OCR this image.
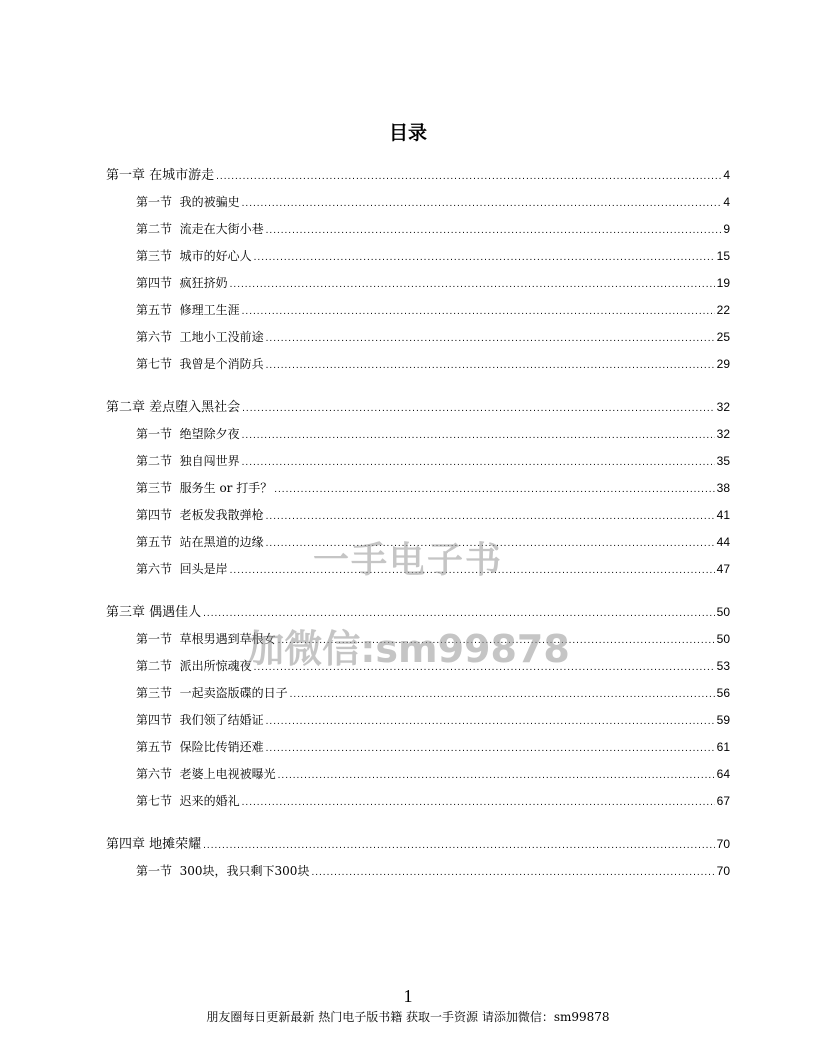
目录
第一章 在城市游走 .....	4
第一节  我的被骗史 .....	4
第二节  流走在大街小巷 .....	9
第三节  城市的好心人 .....	15
第四节  疯狂挤奶 .....	19
第五节  修理工生涯 .....	22
第六节  工地小工没前途 .....	25
第七节  我曾是个消防兵 .....	29
第二章 差点堕入黑社会 .....	32
第一节  绝望除夕夜 .....	32
第二节  独自闯世界 .....	35
第三节  服务生 or 打手？ .....	38
第四节  老板发我散弹枪 .....	41
第五节  站在黑道的边缘 .....	44
第六节  回头是岸 .....	47
第三章 偶遇佳人 .....	50
第一节  草根男遇到草根女 .....	50
第二节  派出所惊魂夜 .....	53
第三节  一起卖盗版碟的日子 .....	56
第四节  我们领了结婚证 .....	59
第五节  保险比传销还难 .....	61
第六节  老婆上电视被曝光 .....	64
第七节  迟来的婚礼 .....	67
第四章 地摊荣耀 .....	70
第一节  300块，我只剩下300块 .....	70
一手电子书
加微信:sm99878
1
朋友圈每日更新最新 热门电子版书籍 获取一手资源 请添加微信：sm99878
